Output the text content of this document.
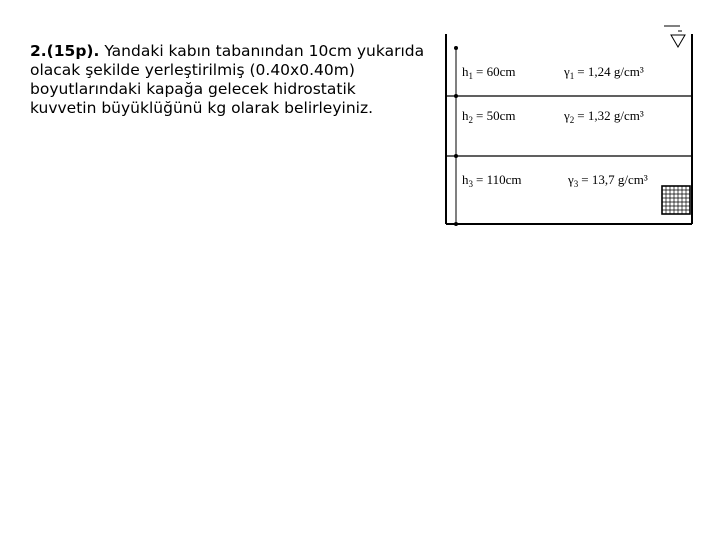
2.(15p). Yandaki kabın tabanından 10cm yukarıda olacak şekilde yerleştirilmiş (0.40x0.40m) boyutlarındaki kapağa gelecek hidrostatik kuvvetin büyüklüğünü kg olarak belirleyiniz.

$h_1 = 60cm$	$\gamma_1 = 1,24$ g/cm³
$h_2 = 50cm$	$\gamma_2 = 1,32$ g/cm³
$h_3 = 110cm$	$\gamma_3 = 13,7$ g/cm³
